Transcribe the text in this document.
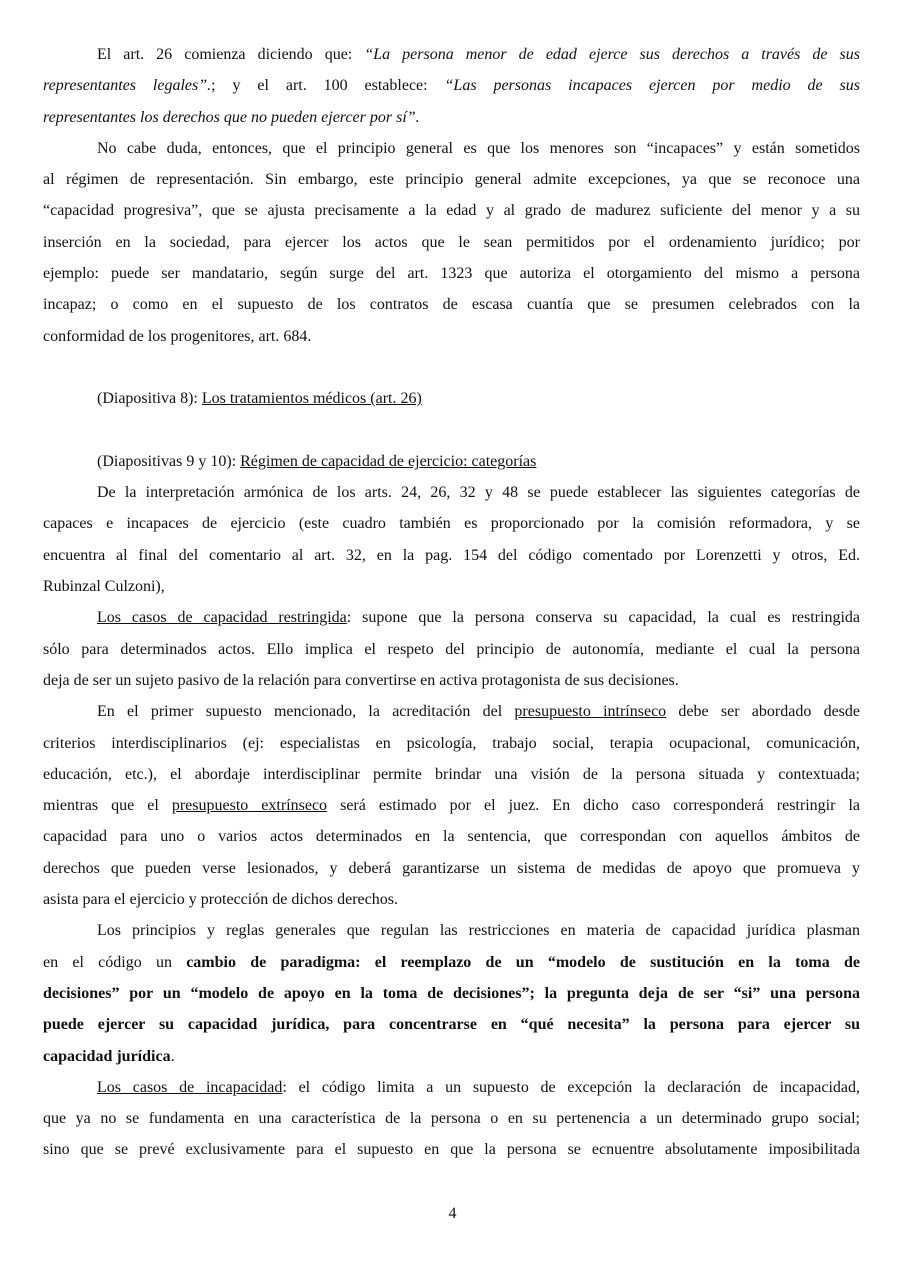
El art. 26 comienza diciendo que: “La persona menor de edad ejerce sus derechos a través de sus
representantes legales”.; y el art. 100 establece: “Las personas incapaces ejercen por medio de sus
representantes los derechos que no pueden ejercer por sí”.
No cabe duda, entonces, que el principio general es que los menores son “incapaces” y están sometidos
al régimen de representación. Sin embargo, este principio general admite excepciones, ya que se reconoce una
“capacidad progresiva”, que se ajusta precisamente a la edad y al grado de madurez suficiente del menor y a su
inserción en la sociedad, para ejercer los actos que le sean permitidos por el ordenamiento jurídico; por
ejemplo: puede ser mandatario, según surge del art. 1323 que autoriza el otorgamiento del mismo a persona
incapaz; o como en el supuesto de los contratos de escasa cuantía que se presumen celebrados con la
conformidad de los progenitores, art. 684.
(Diapositiva 8): Los tratamientos médicos (art. 26)
(Diapositivas 9 y 10): Régimen de capacidad de ejercicio: categorías
De la interpretación armónica de los arts. 24, 26, 32 y 48 se puede establecer las siguientes categorías de
capaces e incapaces de ejercicio (este cuadro también es proporcionado por la comisión reformadora, y se
encuentra al final del comentario al art. 32, en la pag. 154 del código comentado por Lorenzetti y otros, Ed.
Rubinzal Culzoni),
Los casos de capacidad restringida: supone que la persona conserva su capacidad, la cual es restringida
sólo para determinados actos. Ello implica el respeto del principio de autonomía, mediante el cual la persona
deja de ser un sujeto pasivo de la relación para convertirse en activa protagonista de sus decisiones.
En el primer supuesto mencionado, la acreditación del presupuesto intrínseco debe ser abordado desde
criterios interdisciplinarios (ej: especialistas en psicología, trabajo social, terapia ocupacional, comunicación,
educación, etc.), el abordaje interdisciplinar permite brindar una visión de la persona situada y contextuada;
mientras que el presupuesto extrínseco será estimado por el juez. En dicho caso corresponderá restringir la
capacidad para uno o varios actos determinados en la sentencia, que correspondan con aquellos ámbitos de
derechos que pueden verse lesionados, y deberá garantizarse un sistema de medidas de apoyo que promueva y
asista para el ejercicio y protección de dichos derechos.
Los principios y reglas generales que regulan las restricciones en materia de capacidad jurídica plasman
en el código un cambio de paradigma: el reemplazo de un “modelo de sustitución en la toma de
decisiones” por un “modelo de apoyo en la toma de decisiones”; la pregunta deja de ser “si” una persona
puede ejercer su capacidad jurídica, para concentrarse en “qué necesita” la persona para ejercer su
capacidad jurídica.
Los casos de incapacidad: el código limita a un supuesto de excepción la declaración de incapacidad,
que ya no se fundamenta en una característica de la persona o en su pertenencia a un determinado grupo social;
sino que se prevé exclusivamente para el supuesto en que la persona se ecnuentre absolutamente imposibilitada
4
